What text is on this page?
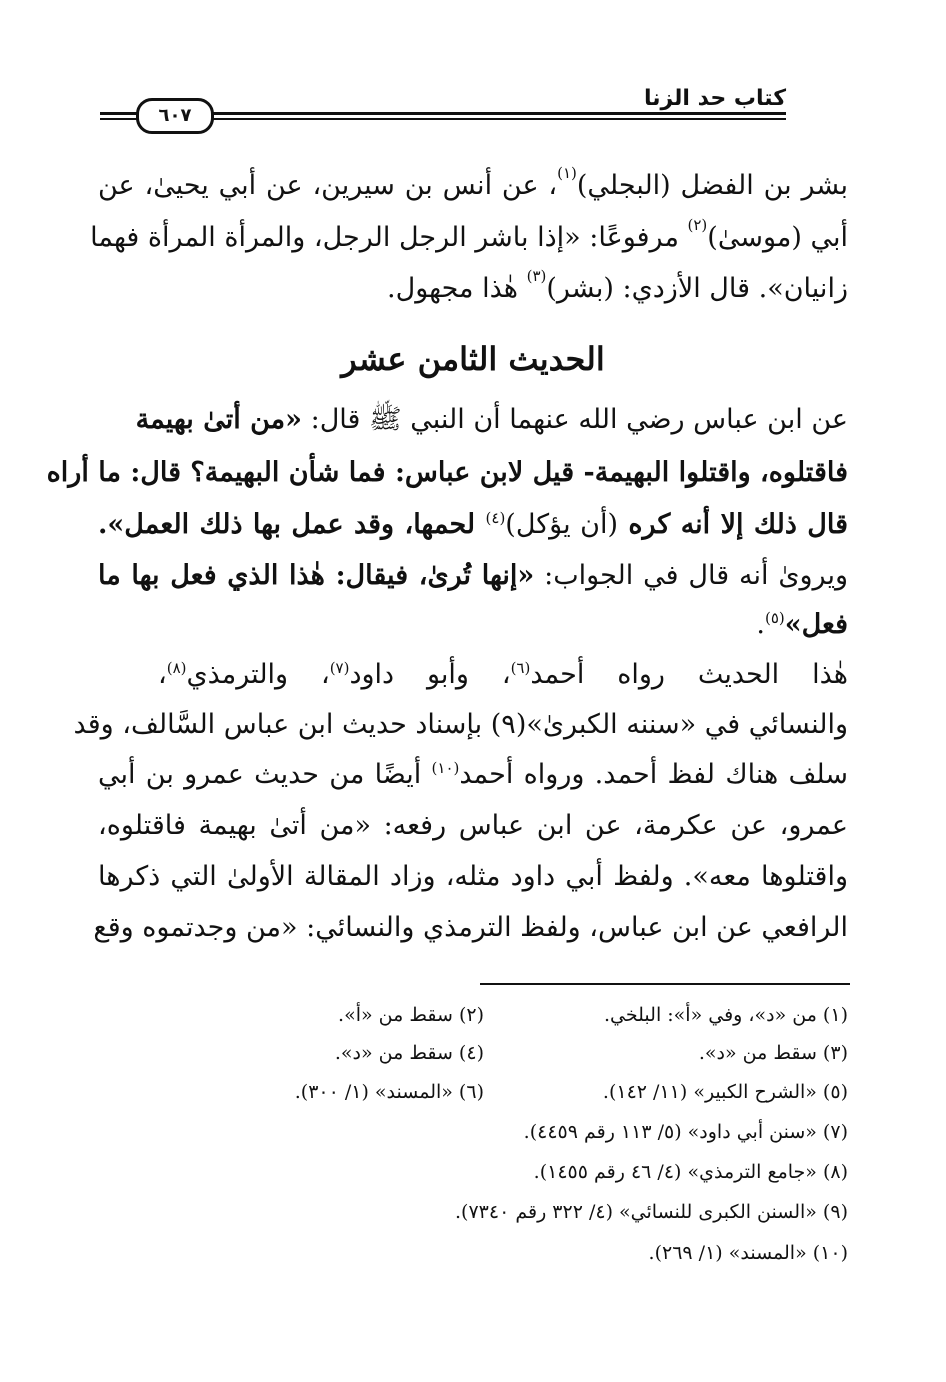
كتاب حد الزنا
٦٠٧
بشر بن الفضل (البجلي)$^{^{(١)}}$، عن أنس بن سيرين، عن أبي يحيىٰ، عن
أبي (موسىٰ)$^{^{(٢)}}$ مرفوعًا: «إذا باشر الرجل الرجل، والمرأة المرأة فهما
زانيان». قال الأزدي: (بشر)$^{^{(٣)}}$ هٰذا مجهول.
الحديث الثامن عشر
عن ابن عباس رضي الله عنهما أن النبي ﷺ قال: «من أتىٰ بهيمة
فاقتلوه، واقتلوا البهيمة- قيل لابن عباس: فما شأن البهيمة؟ قال: ما أراه
قال ذلك إلا أنه كره (أن يؤكل)$^{(٤)}$ لحمها، وقد عمل بها ذلك العمل».
ويروىٰ أنه قال في الجواب: «إنها تُرىٰ، فيقال: هٰذا الذي فعل بها ما
فعل»$^{(٥)}$.
هٰذا الحديث رواه أحمد$^{(٦)}$، وأبو داود$^{(٧)}$، والترمذي$^{(٨)}$،
والنسائي في «سننه الكبرىٰ»(٩) بإسناد حديث ابن عباس السَّالف، وقد
سلف هناك لفظ أحمد. ورواه أحمد$^{(١٠)}$ أيضًا من حديث عمرو بن أبي
عمرو، عن عكرمة، عن ابن عباس رفعه: «من أتىٰ بهيمة فاقتلوه،
واقتلوها معه». ولفظ أبي داود مثله، وزاد المقالة الأولىٰ التي ذكرها
الرافعي عن ابن عباس، ولفظ الترمذي والنسائي: «من وجدتموه وقع
(١) من «د»، وفي «أ»: البلخي.
(٢) سقط من «أ».
(٣) سقط من «د».
(٤) سقط من «د».
(٥) «الشرح الكبير» (١١/ ١٤٢).
(٦) «المسند» (١/ ٣٠٠).
(٧) «سنن أبي داود» (٥/ ١١٣ رقم ٤٤٥٩).
(٨) «جامع الترمذي» (٤/ ٤٦ رقم ١٤٥٥).
(٩) «السنن الكبرى للنسائي» (٤/ ٣٢٢ رقم ٧٣٤٠).
(١٠) «المسند» (١/ ٢٦٩).
